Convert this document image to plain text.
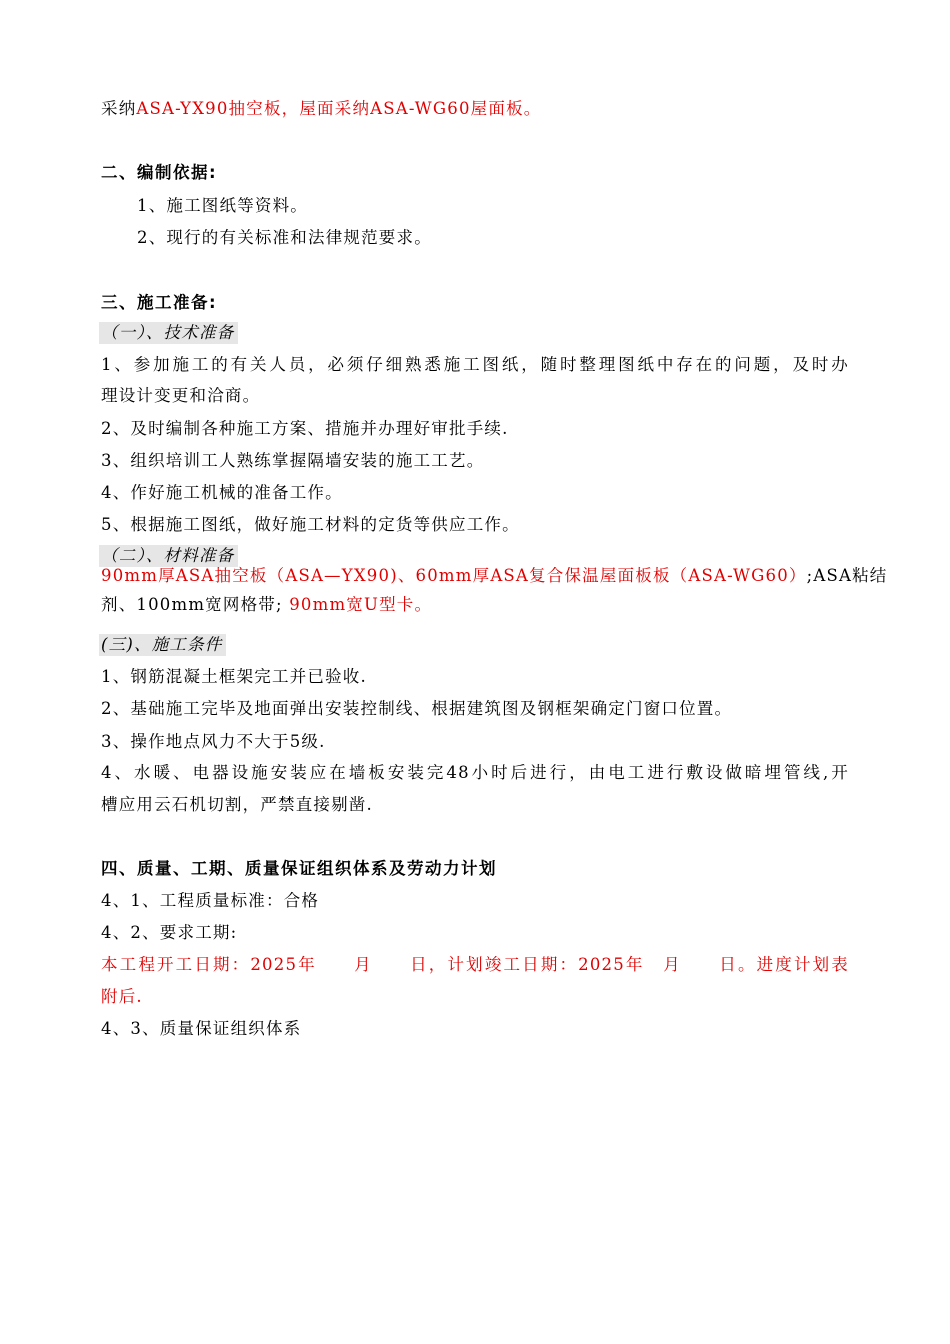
采纳ASA-YX90抽空板，屋面采纳ASA-WG60屋面板。
二、编制依据:
1、施工图纸等资料。
2、现行的有关标准和法律规范要求。
三、施工准备:
（一）、技术准备
1、参加施工的有关人员，必须仔细熟悉施工图纸，随时整理图纸中存在的问题，及时办
理设计变更和洽商。
2、及时编制各种施工方案、措施并办理好审批手续.
3、组织培训工人熟练掌握隔墙安装的施工工艺。
4、作好施工机械的准备工作。
5、根据施工图纸，做好施工材料的定货等供应工作。
（二）、材料准备
90mm厚ASA抽空板（ASA—YX90)、60mm厚ASA复合保温屋面板板（ASA-WG60）;ASA粘结
剂、100mm宽网格带; 90mm宽U型卡。
(三)、施工条件
1、钢筋混凝土框架完工并已验收.
2、基础施工完毕及地面弹出安装控制线、根据建筑图及钢框架确定门窗口位置。
3、操作地点风力不大于5级.
4、水暖、电器设施安装应在墙板安装完48小时后进行，由电工进行敷设做暗埋管线,开
槽应用云石机切割，严禁直接剔凿.
四、质量、工期、质量保证组织体系及劳动力计划
4、1、工程质量标准：合格
4、2、要求工期:
本工程开工日期：2025年　　月　　日，计划竣工日期：2025年　月　　日。进度计划表
附后.
4、3、质量保证组织体系
